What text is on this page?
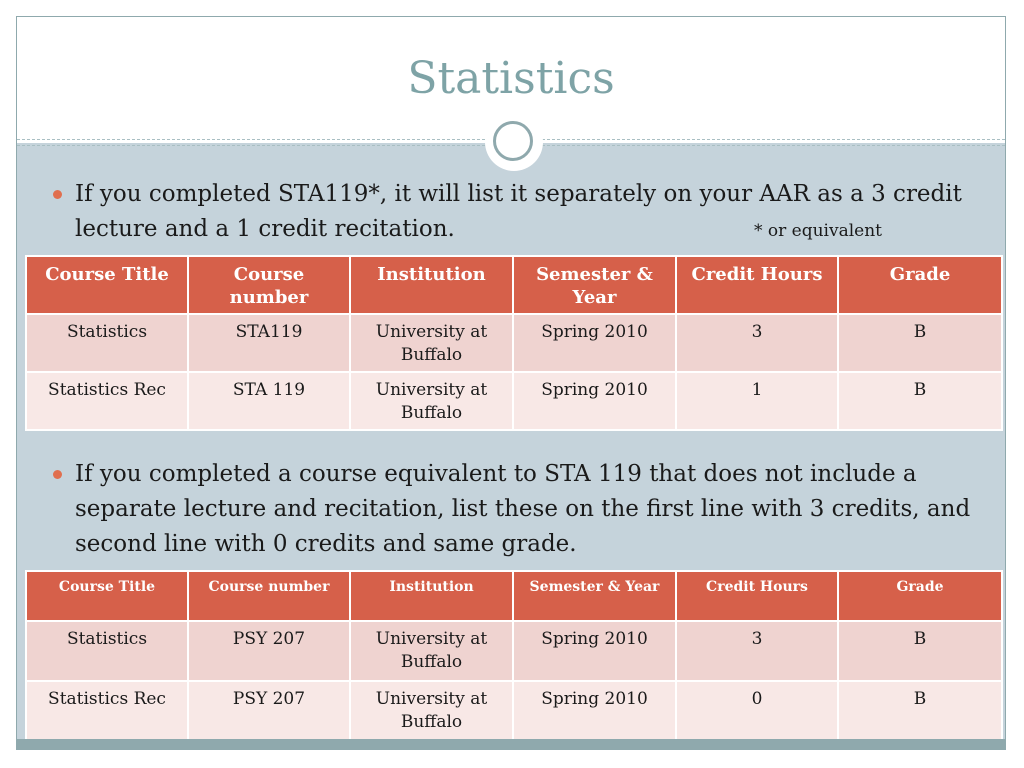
Statistics
If you completed STA119*, it will list it separately on your AAR as a 3 credit lecture and a 1 credit recitation.	* or equivalent
Course Title	Course number	Institution	Semester & Year	Credit Hours	Grade
Statistics	STA119	University at Buffalo	Spring 2010	3	B
Statistics Rec	STA 119	University at Buffalo	Spring 2010	1	B
If you completed a course equivalent to STA 119 that does not include a separate lecture and recitation, list these on the first line with 3 credits, and second line with 0 credits and same grade.
Course Title	Course number	Institution	Semester & Year	Credit Hours	Grade
Statistics	PSY 207	University at Buffalo	Spring 2010	3	B
Statistics Rec	PSY 207	University at Buffalo	Spring 2010	0	B
